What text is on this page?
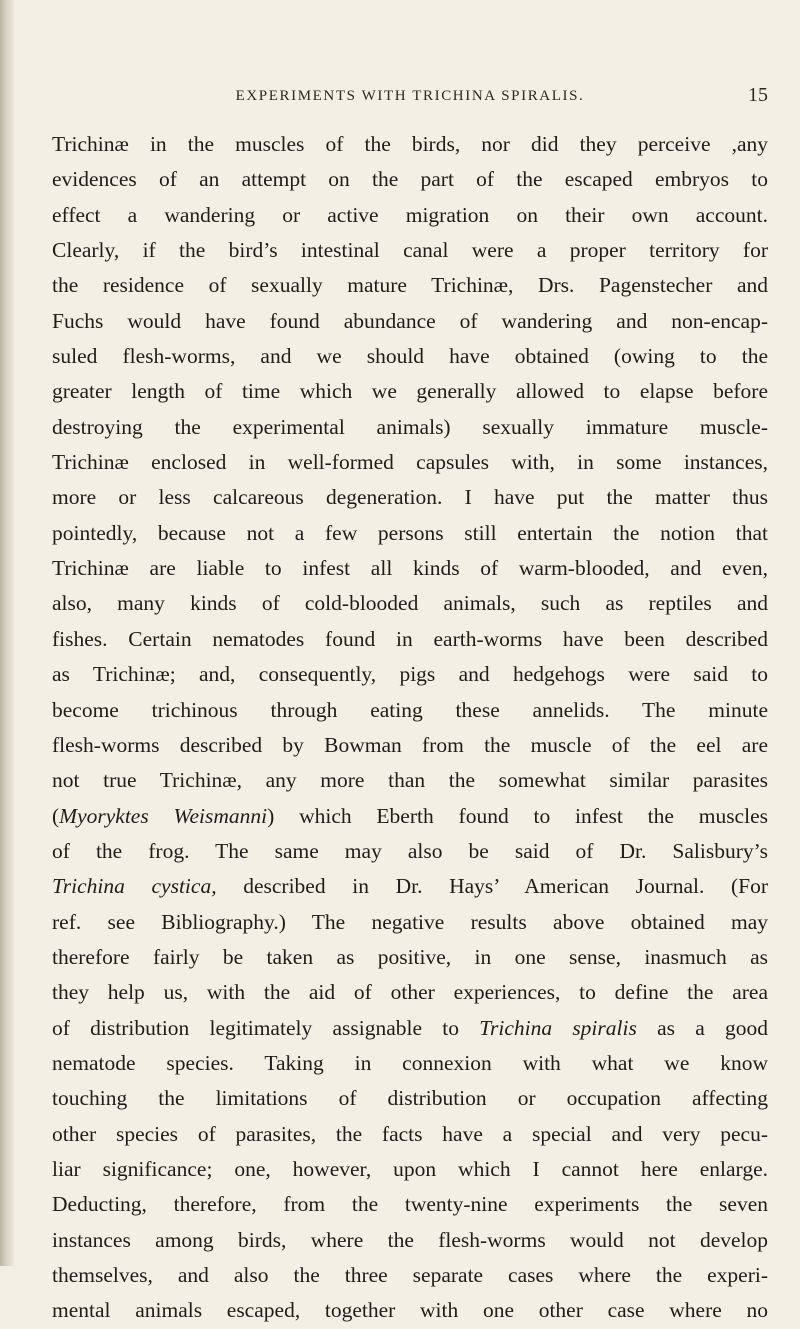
EXPERIMENTS WITH TRICHINA SPIRALIS.	15
Trichinæ in the muscles of the birds, nor did they perceive ,any
evidences of an attempt on the part of the escaped embryos to
effect a wandering or active migration on their own account.
Clearly, if the bird’s intestinal canal were a proper territory for
the residence of sexually mature Trichinæ, Drs. Pagenstecher and
Fuchs would have found abundance of wandering and non-encap-
suled flesh-worms, and we should have obtained (owing to the
greater length of time which we generally allowed to elapse before
destroying the experimental animals) sexually immature muscle-
Trichinæ enclosed in well-formed capsules with, in some instances,
more or less calcareous degeneration. I have put the matter thus
pointedly, because not a few persons still entertain the notion that
Trichinæ are liable to infest all kinds of warm-blooded, and even,
also, many kinds of cold-blooded animals, such as reptiles and
fishes. Certain nematodes found in earth-worms have been described
as Trichinæ; and, consequently, pigs and hedgehogs were said to
become trichinous through eating these annelids. The minute
flesh-worms described by Bowman from the muscle of the eel are
not true Trichinæ, any more than the somewhat similar parasites
(Myoryktes Weismanni) which Eberth found to infest the muscles
of the frog. The same may also be said of Dr. Salisbury’s
Trichina cystica, described in Dr. Hays’ American Journal. (For
ref. see Bibliography.) The negative results above obtained may
therefore fairly be taken as positive, in one sense, inasmuch as
they help us, with the aid of other experiences, to define the area
of distribution legitimately assignable to Trichina spiralis as a good
nematode species. Taking in connexion with what we know
touching the limitations of distribution or occupation affecting
other species of parasites, the facts have a special and very pecu-
liar significance; one, however, upon which I cannot here enlarge.
Deducting, therefore, from the twenty-nine experiments the seven
instances among birds, where the flesh-worms would not develop
themselves, and also the three separate cases where the experi-
mental animals escaped, together with one other case where no
